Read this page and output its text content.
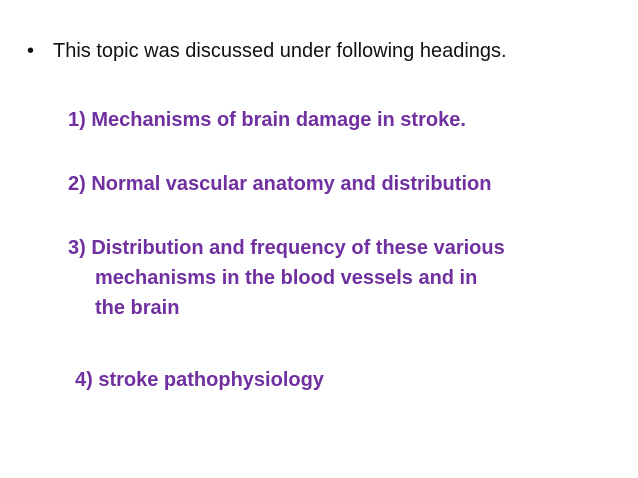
• This topic was discussed under following headings.
1) Mechanisms of brain damage in stroke.
2) Normal vascular anatomy and distribution
3) Distribution and frequency of these various
mechanisms in the blood vessels and in
the brain
4) stroke pathophysiology
